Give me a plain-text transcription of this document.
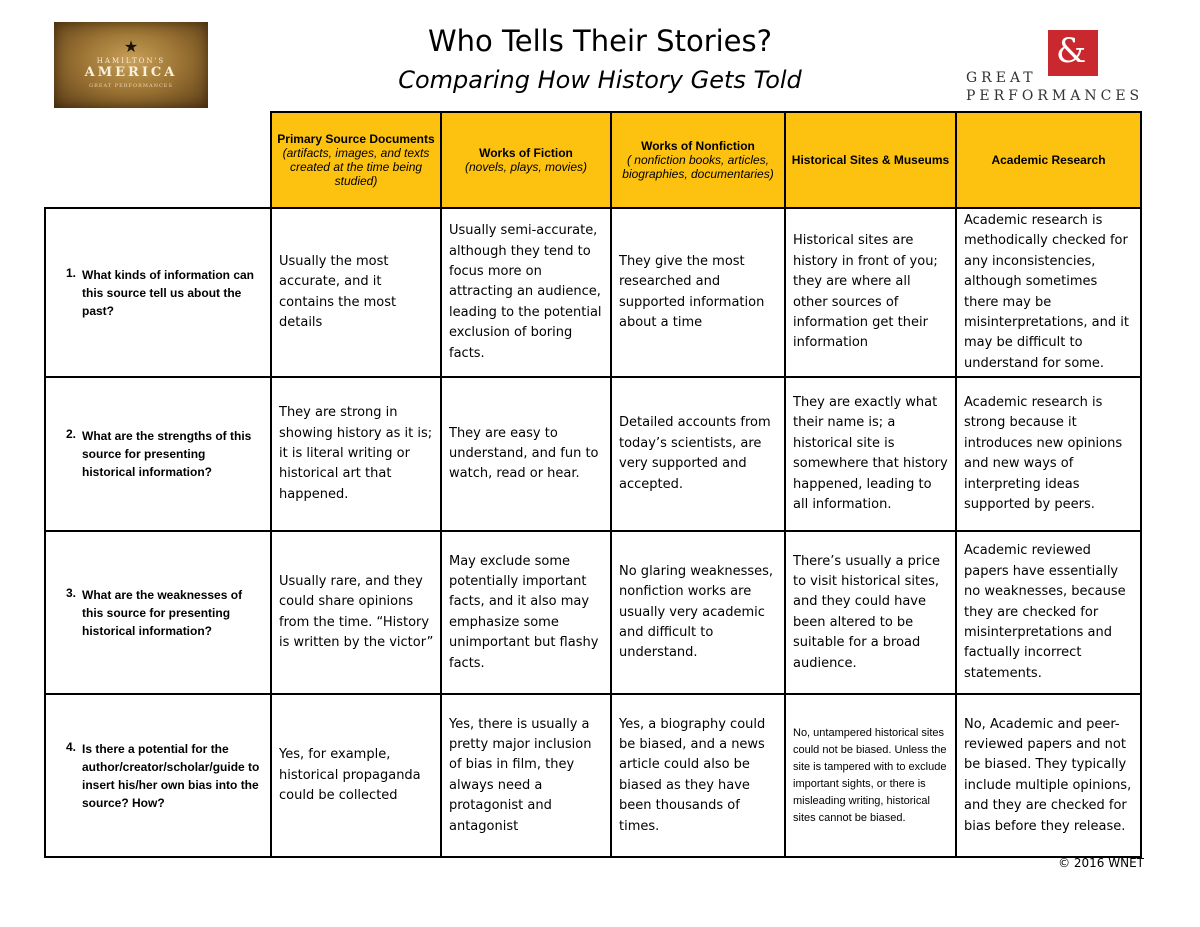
★
HAMILTON'S
AMERICA
GREAT PERFORMANCES
Who Tells Their Stories?
Comparing How History Gets Told
&
GREAT
PERFORMANCES

	Primary Source Documents
(artifacts, images, and texts created at the time being studied)	Works of Fiction
(novels, plays, movies)	Works of Nonfiction
( nonfiction books, articles, biographies, documentaries)	Historical Sites & Museums	Academic Research

1. What kinds of information can this source tell us about the past?	Usually the most accurate, and it contains the most details	Usually semi-accurate, although they tend to focus more on attracting an audience, leading to the potential exclusion of boring facts.	They give the most researched and supported information about a time	Historical sites are history in front of you; they are where all other sources of information get their information	Academic research is methodically checked for any inconsistencies, although sometimes there may be misinterpretations, and it may be difficult to understand for some.

2. What are the strengths of this source for presenting historical information?	They are strong in showing history as it is; it is literal writing or historical art that happened.	They are easy to understand, and fun to watch, read or hear.	Detailed accounts from today’s scientists, are very supported and accepted.	They are exactly what their name is; a historical site is somewhere that history happened, leading to all information.	Academic research is strong because it introduces new opinions and new ways of interpreting ideas supported by peers.

3. What are the weaknesses of this source for presenting historical information?	Usually rare, and they could share opinions from the time. “History is written by the victor”	May exclude some potentially important facts, and it also may emphasize some unimportant but flashy facts.	No glaring weaknesses, nonfiction works are usually very academic and difficult to understand.	There’s usually a price to visit historical sites, and they could have been altered to be suitable for a broad audience.	Academic reviewed papers have essentially no weaknesses, because they are checked for misinterpretations and factually incorrect statements.

4. Is there a potential for the author/creator/scholar/guide to insert his/her own bias into the source? How?	Yes, for example, historical propaganda could be collected	Yes, there is usually a pretty major inclusion of bias in film, they always need a protagonist and antagonist	Yes, a biography could be biased, and a news article could also be biased as they have been thousands of times.	No, untampered historical sites could not be biased. Unless the site is tampered with to exclude important sights, or there is misleading writing, historical sites cannot be biased.	No, Academic and peer-reviewed papers and not be biased. They typically include multiple opinions, and they are checked for bias before they release.
© 2016 WNET
